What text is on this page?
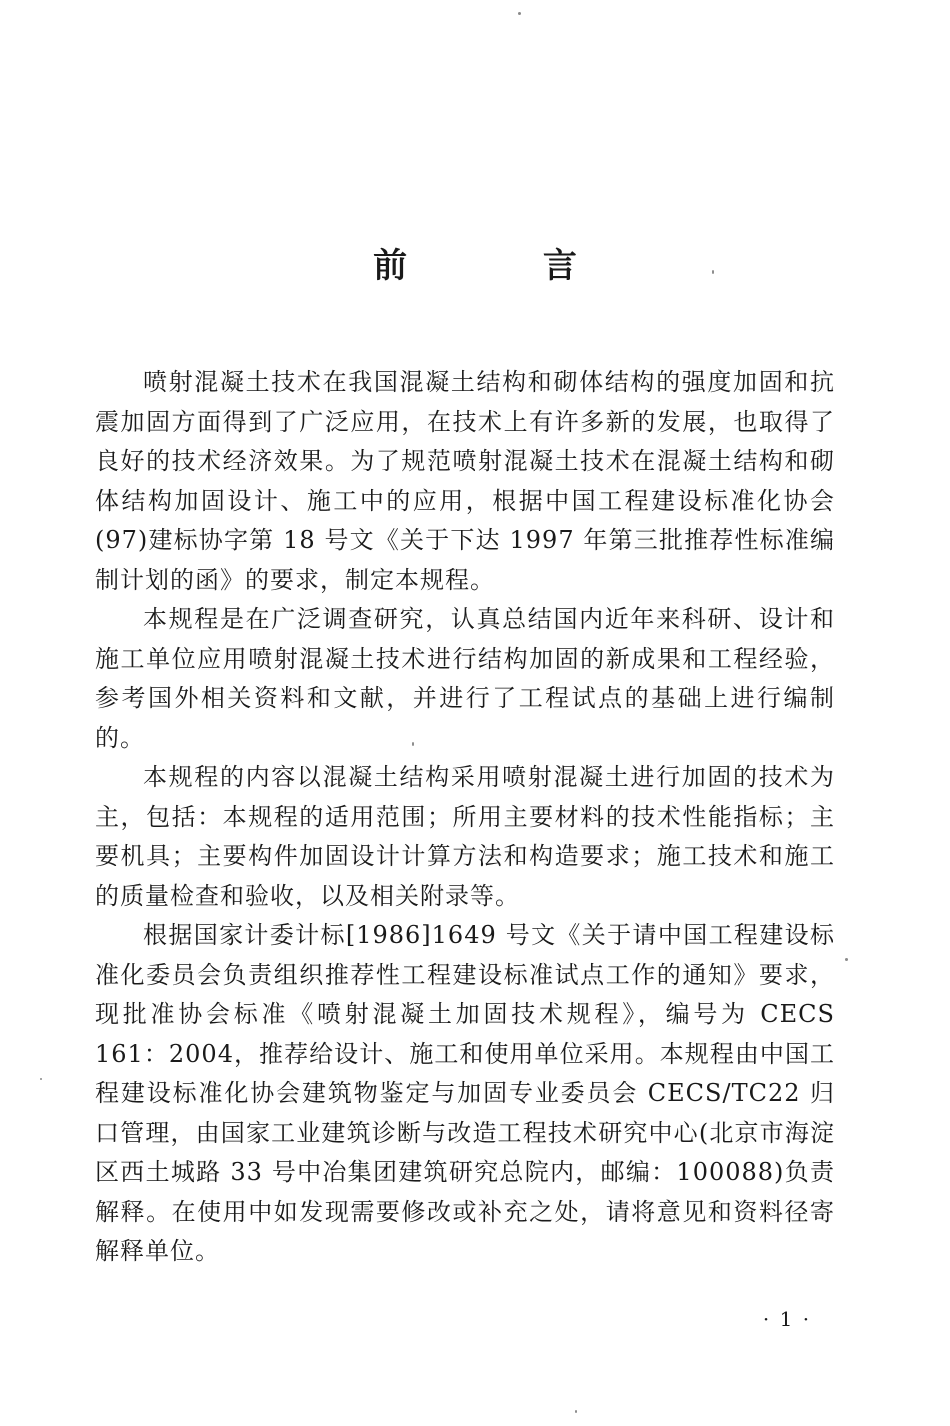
前 言

喷射混凝土技术在我国混凝土结构和砌体结构的强度加固和抗震加固方面得到了广泛应用，在技术上有许多新的发展，也取得了良好的技术经济效果。为了规范喷射混凝土技术在混凝土结构和砌体结构加固设计、施工中的应用，根据中国工程建设标准化协会(97)建标协字第 18 号文《关于下达 1997 年第三批推荐性标准编制计划的函》的要求，制定本规程。

本规程是在广泛调查研究，认真总结国内近年来科研、设计和施工单位应用喷射混凝土技术进行结构加固的新成果和工程经验，参考国外相关资料和文献，并进行了工程试点的基础上进行编制的。

本规程的内容以混凝土结构采用喷射混凝土进行加固的技术为主，包括：本规程的适用范围；所用主要材料的技术性能指标；主要机具；主要构件加固设计计算方法和构造要求；施工技术和施工的质量检查和验收，以及相关附录等。

根据国家计委计标[1986]1649 号文《关于请中国工程建设标准化委员会负责组织推荐性工程建设标准试点工作的通知》要求，现批准协会标准《喷射混凝土加固技术规程》，编号为 CECS 161：2004，推荐给设计、施工和使用单位采用。本规程由中国工程建设标准化协会建筑物鉴定与加固专业委员会 CECS/TC22 归口管理，由国家工业建筑诊断与改造工程技术研究中心(北京市海淀区西土城路 33 号中冶集团建筑研究总院内，邮编：100088)负责解释。在使用中如发现需要修改或补充之处，请将意见和资料径寄解释单位。

· 1 ·
